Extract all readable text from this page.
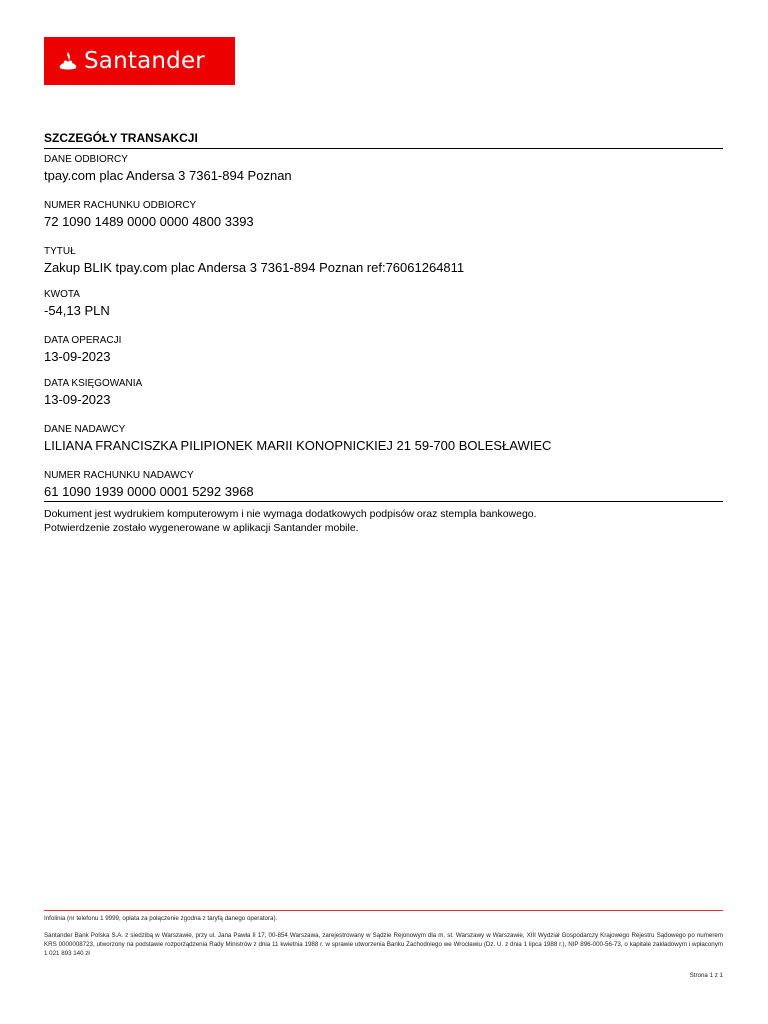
Santander
SZCZEGÓŁY TRANSAKCJI
DANE ODBIORCY
tpay.com plac Andersa 3 7361-894 Poznan
NUMER RACHUNKU ODBIORCY
72 1090 1489 0000 0000 4800 3393
TYTUŁ
Zakup BLIK tpay.com plac Andersa 3 7361-894 Poznan ref:76061264811
KWOTA
-54,13 PLN
DATA OPERACJI
13-09-2023
DATA KSIĘGOWANIA
13-09-2023
DANE NADAWCY
LILIANA FRANCISZKA PILIPIONEK MARII KONOPNICKIEJ 21 59-700 BOLESŁAWIEC
NUMER RACHUNKU NADAWCY
61 1090 1939 0000 0001 5292 3968
Dokument jest wydrukiem komputerowym i nie wymaga dodatkowych podpisów oraz stempla bankowego.
Potwierdzenie zostało wygenerowane w aplikacji Santander mobile.
Infolinia (nr telefonu 1 9999, opłata za połączenie zgodna z taryfą danego operatora).
Santander Bank Polska S.A. z siedzibą w Warszawie, przy ul. Jana Pawła II 17, 00-854 Warszawa, zarejestrowany w Sądzie Rejonowym dla m. st. Warszawy w Warszawie, XIII Wydział Gospodarczy Krajowego Rejestru Sądowego po numerem KRS 0000008723, utworzony na podstawie rozporządzenia Rady Ministrów z dnia 11 kwietnia 1988 r. w sprawie utworzenia Banku Zachodniego we Wrocławiu (Dz. U. z dnia 1 lipca 1988 r.), NIP 896-000-56-73, o kapitale zakładowym i wpłaconym 1 021 893 140 zł
Strona 1 z 1
